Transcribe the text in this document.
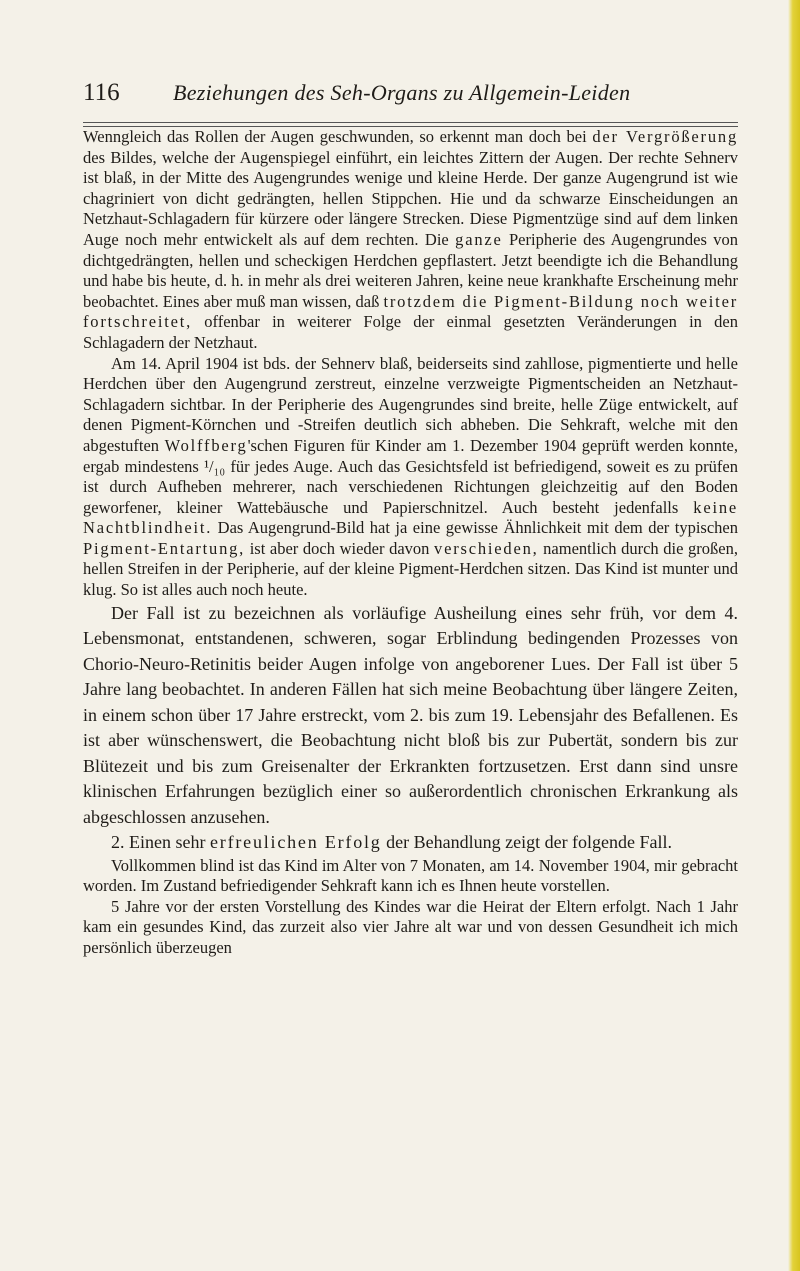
116	Beziehungen des Seh-Organs zu Allgemein-Leiden

Wenngleich das Rollen der Augen geschwunden, so erkennt man doch bei der Vergrößerung des Bildes, welche der Augenspiegel einführt, ein leichtes Zittern der Augen. Der rechte Sehnerv ist blaß, in der Mitte des Augengrundes wenige und kleine Herde. Der ganze Augengrund ist wie chagriniert von dicht gedrängten, hellen Stippchen. Hie und da schwarze Einscheidungen an Netzhaut-Schlagadern für kürzere oder längere Strecken. Diese Pigmentzüge sind auf dem linken Auge noch mehr entwickelt als auf dem rechten. Die ganze Peripherie des Augengrundes von dichtgedrängten, hellen und scheckigen Herdchen gepflastert. Jetzt beendigte ich die Behandlung und habe bis heute, d. h. in mehr als drei weiteren Jahren, keine neue krankhafte Erscheinung mehr beobachtet. Eines aber muß man wissen, daß trotzdem die Pigment-Bildung noch weiter fortschreitet, offenbar in weiterer Folge der einmal gesetzten Veränderungen in den Schlagadern der Netzhaut.

Am 14. April 1904 ist bds. der Sehnerv blaß, beiderseits sind zahllose, pigmentierte und helle Herdchen über den Augengrund zerstreut, einzelne verzweigte Pigmentscheiden an Netzhaut-Schlagadern sichtbar. In der Peripherie des Augengrundes sind breite, helle Züge entwickelt, auf denen Pigment-Körnchen und -Streifen deutlich sich abheben. Die Sehkraft, welche mit den abgestuften Wolffberg'schen Figuren für Kinder am 1. Dezember 1904 geprüft werden konnte, ergab mindestens ¹/₁₀ für jedes Auge. Auch das Gesichtsfeld ist befriedigend, soweit es zu prüfen ist durch Aufheben mehrerer, nach verschiedenen Richtungen gleichzeitig auf den Boden geworfener, kleiner Wattebäusche und Papierschnitzel. Auch besteht jedenfalls keine Nachtblindheit. Das Augengrund-Bild hat ja eine gewisse Ähnlichkeit mit dem der typischen Pigment-Entartung, ist aber doch wieder davon verschieden, namentlich durch die großen, hellen Streifen in der Peripherie, auf der kleine Pigment-Herdchen sitzen. Das Kind ist munter und klug. So ist alles auch noch heute.

Der Fall ist zu bezeichnen als vorläufige Ausheilung eines sehr früh, vor dem 4. Lebensmonat, entstandenen, schweren, sogar Erblindung bedingenden Prozesses von Chorio-Neuro-Retinitis beider Augen infolge von angeborener Lues. Der Fall ist über 5 Jahre lang beobachtet. In anderen Fällen hat sich meine Beobachtung über längere Zeiten, in einem schon über 17 Jahre erstreckt, vom 2. bis zum 19. Lebensjahr des Befallenen. Es ist aber wünschenswert, die Beobachtung nicht bloß bis zur Pubertät, sondern bis zur Blütezeit und bis zum Greisenalter der Erkrankten fortzusetzen. Erst dann sind unsre klinischen Erfahrungen bezüglich einer so außerordentlich chronischen Erkrankung als abgeschlossen anzusehen.

2. Einen sehr erfreulichen Erfolg der Behandlung zeigt der folgende Fall.

Vollkommen blind ist das Kind im Alter von 7 Monaten, am 14. November 1904, mir gebracht worden. Im Zustand befriedigender Sehkraft kann ich es Ihnen heute vorstellen.

5 Jahre vor der ersten Vorstellung des Kindes war die Heirat der Eltern erfolgt. Nach 1 Jahr kam ein gesundes Kind, das zurzeit also vier Jahre alt war und von dessen Gesundheit ich mich persönlich überzeugen
